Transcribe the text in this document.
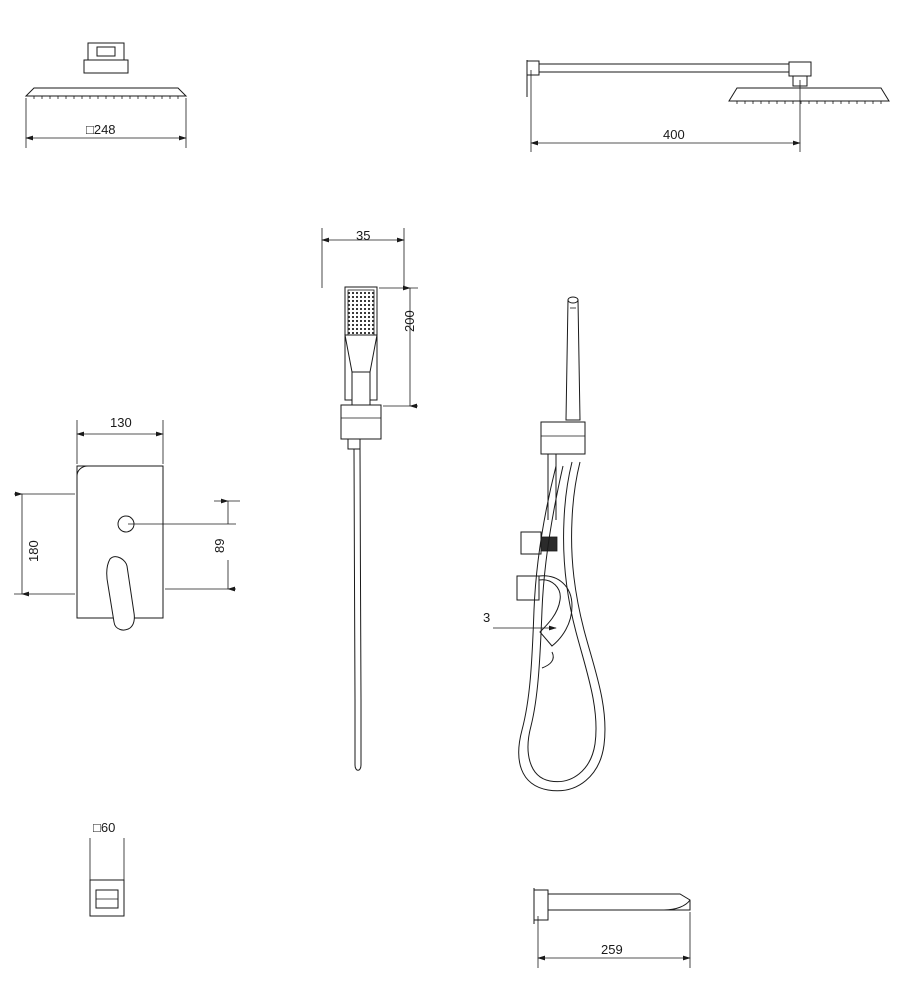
□248	400
35
200
130
180	89
3
□60
259
